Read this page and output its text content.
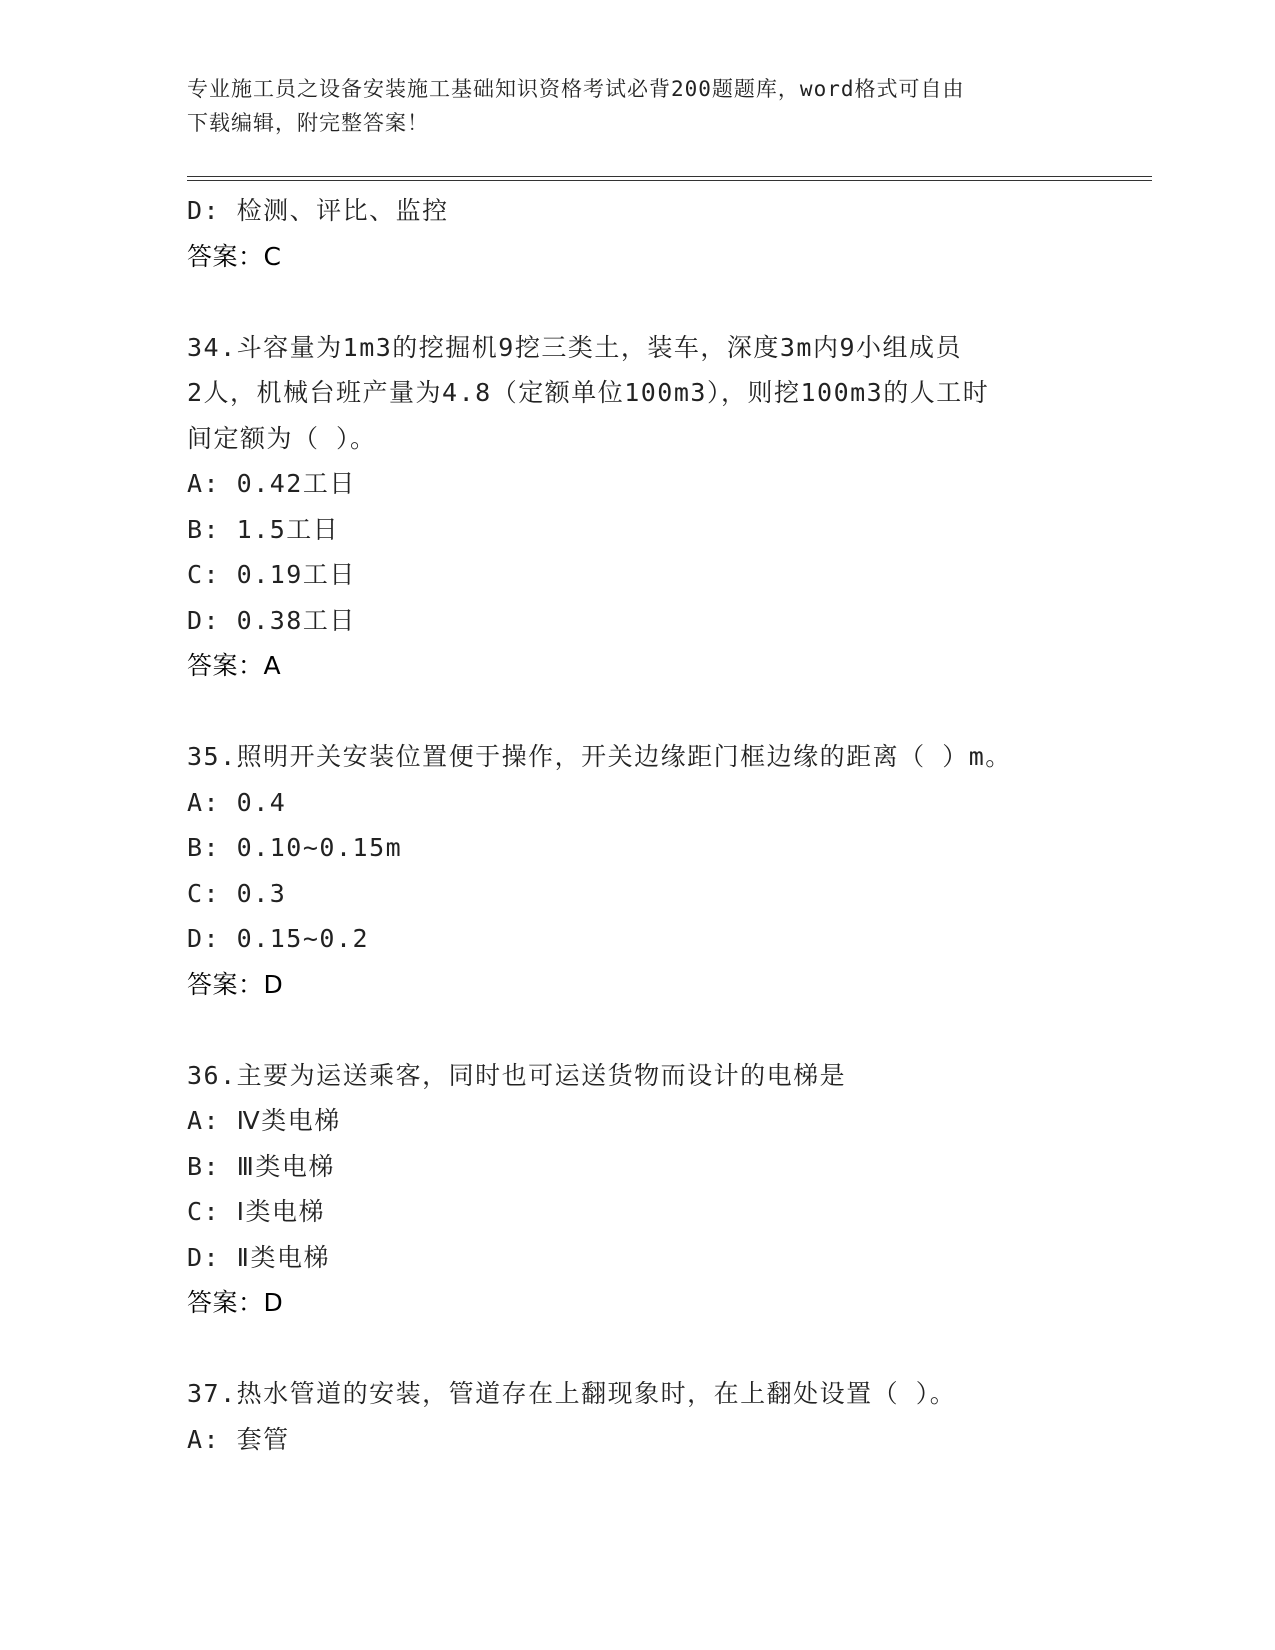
专业施工员之设备安装施工基础知识资格考试必背200题题库，word格式可自由
下载编辑，附完整答案！
D: 检测、评比、监控
答案：C
34.斗容量为1m3的挖掘机9挖三类土，装车，深度3m内9小组成员
2人，机械台班产量为4.8（定额单位100m3），则挖100m3的人工时
间定额为（ ）。
A: 0.42工日
B: 1.5工日
C: 0.19工日
D: 0.38工日
答案：A
35.照明开关安装位置便于操作，开关边缘距门框边缘的距离（ ）m。
A: 0.4
B: 0.10~0.15m
C: 0.3
D: 0.15~0.2
答案：D
36.主要为运送乘客，同时也可运送货物而设计的电梯是
A: Ⅳ类电梯
B: Ⅲ类电梯
C: Ⅰ类电梯
D: Ⅱ类电梯
答案：D
37.热水管道的安装，管道存在上翻现象时，在上翻处设置（ ）。
A: 套管
